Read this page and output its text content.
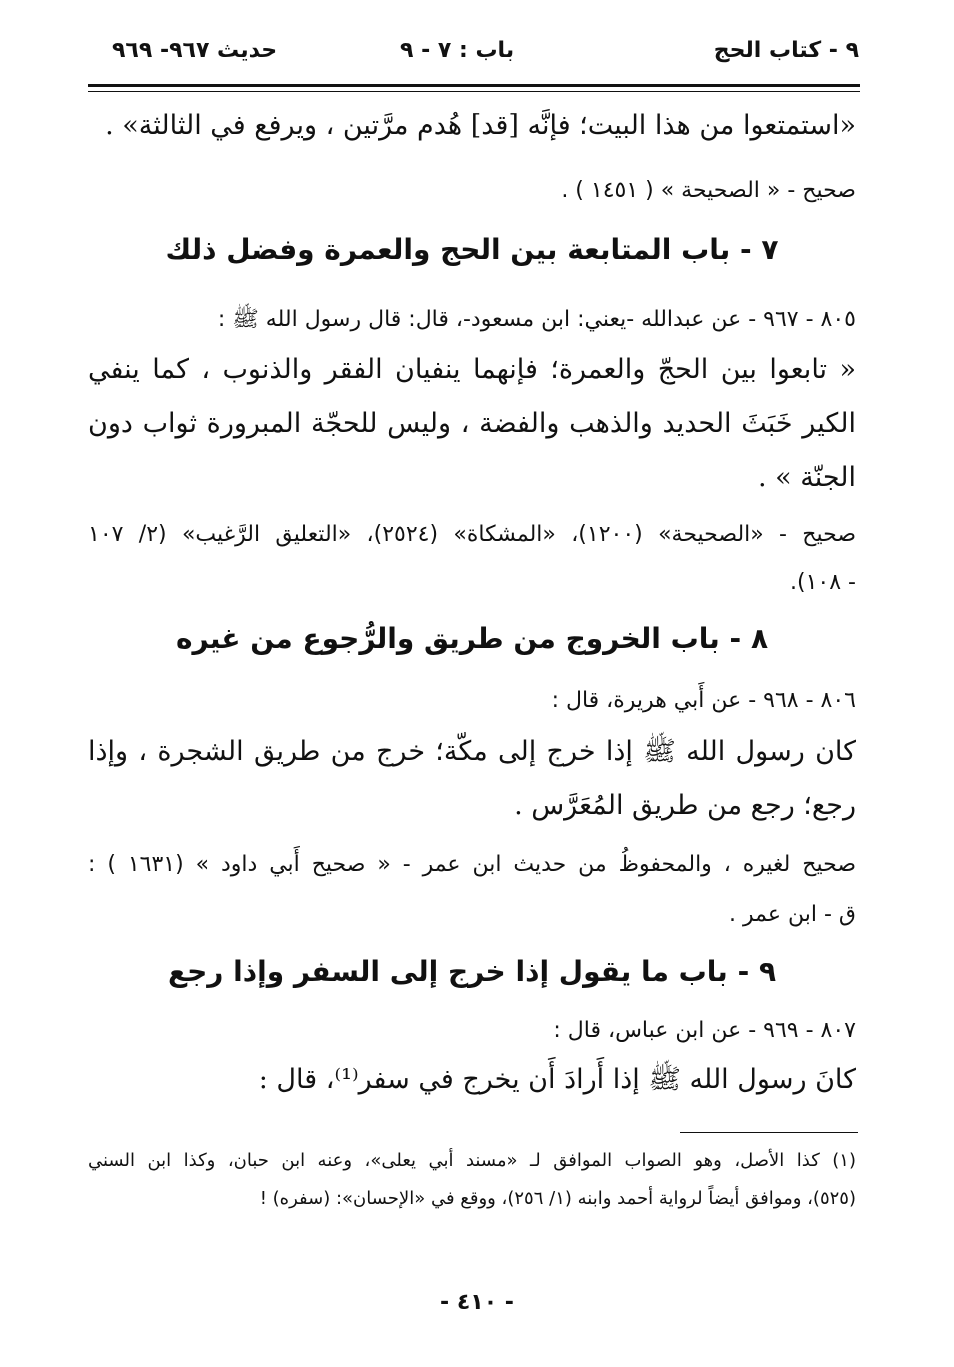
٩ - كتاب الحج
باب : ٧ - ٩
حديث ٩٦٧- ٩٦٩
«استمتعوا من هذا البيت؛ فإنَّه [قد] هُدم مرَّتين ، ويرفع في الثالثة» .
صحيح - « الصحيحة » ( ١٤٥١ ) .
٧ - باب المتابعة بين الحج والعمرة وفضل ذلك
٨٠٥ - ٩٦٧ - عن عبدالله -يعني: ابن مسعود-، قال: قال رسول الله ﷺ :
« تابعوا بين الحجّ والعمرة؛ فإنهما ينفيان الفقر والذنوب ، كما ينفي
الكير خَبَثَ الحديد والذهب والفضة ، وليس للحجّة المبرورة ثواب دون
الجنّة » .
صحيح - «الصحيحة» (١٢٠٠)، «المشكاة» (٢٥٢٤)، «التعليق الرَّغيب» (٢/ ١٠٧
- ١٠٨).
٨ - باب الخروج من طريق والرُّجوع من غيره
٨٠٦ - ٩٦٨ - عن أَبي هريرة، قال :
كان رسول الله ﷺ إذا خرج إلى مكّة؛ خرج من طريق الشجرة ، وإذا
رجع؛ رجع من طريق المُعَرَّس .
صحيح لغيره ، والمحفوظُ من حديث ابن عمر - « صحيح أَبي داود » (١٦٣١ ) :
ق - ابن عمر .
٩ - باب ما يقول إذا خرج إلى السفر وإذا رجع
٨٠٧ - ٩٦٩ - عن ابن عباس، قال :
كانَ رسول الله ﷺ إذا أَرادَ أَن يخرج في سفر⁽¹⁾، قال :
(١) كذا الأصل، وهو الصواب الموافق لـ «مسند أبي يعلى»، وعنه ابن حبان، وكذا ابن السني
(٥٢٥)، وموافق أيضاً لرواية أحمد وابنه (١/ ٢٥٦)، ووقع في «الإحسان»: (سفره) !
- ٤١٠ -
